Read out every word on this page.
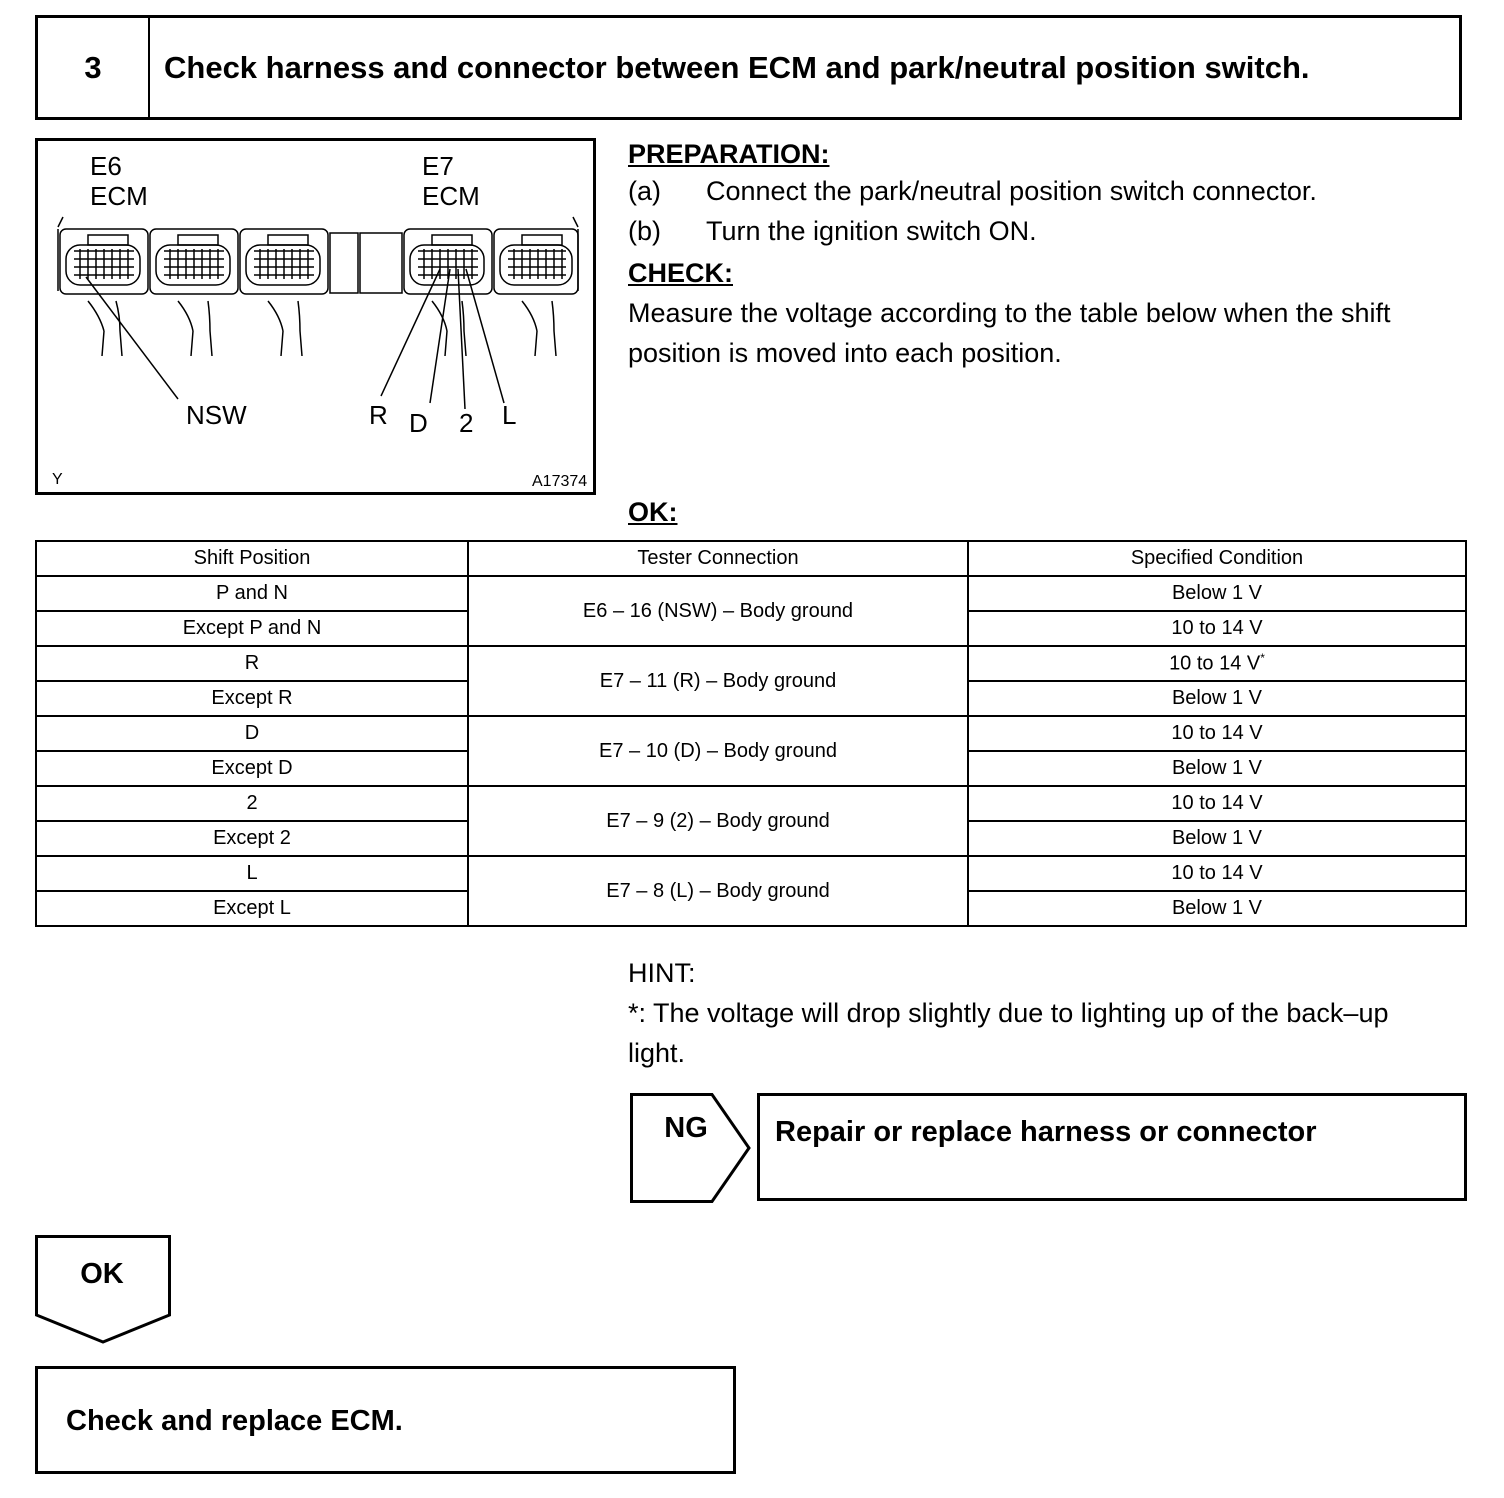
3	Check harness and connector between ECM and park/neutral position switch.
E6
ECM
E7
ECM
NSW	R D 2 L
Y	A17374
PREPARATION:
(a) Connect the park/neutral position switch connector.
(b) Turn the ignition switch ON.
CHECK:
Measure the voltage according to the table below when the shift
position is moved into each position.
OK:
Shift Position	Tester Connection	Specified Condition
P and N	E6 – 16 (NSW) – Body ground	Below 1 V
Except P and N		10 to 14 V
R	E7 – 11 (R) – Body ground	10 to 14 V*
Except R		Below 1 V
D	E7 – 10 (D) – Body ground	10 to 14 V
Except D		Below 1 V
2	E7 – 9 (2) – Body ground	10 to 14 V
Except 2		Below 1 V
L	E7 – 8 (L) – Body ground	10 to 14 V
Except L		Below 1 V
HINT:
*: The voltage will drop slightly due to lighting up of the back–up
light.
NG	Repair or replace harness or connector
OK
Check and replace ECM.
